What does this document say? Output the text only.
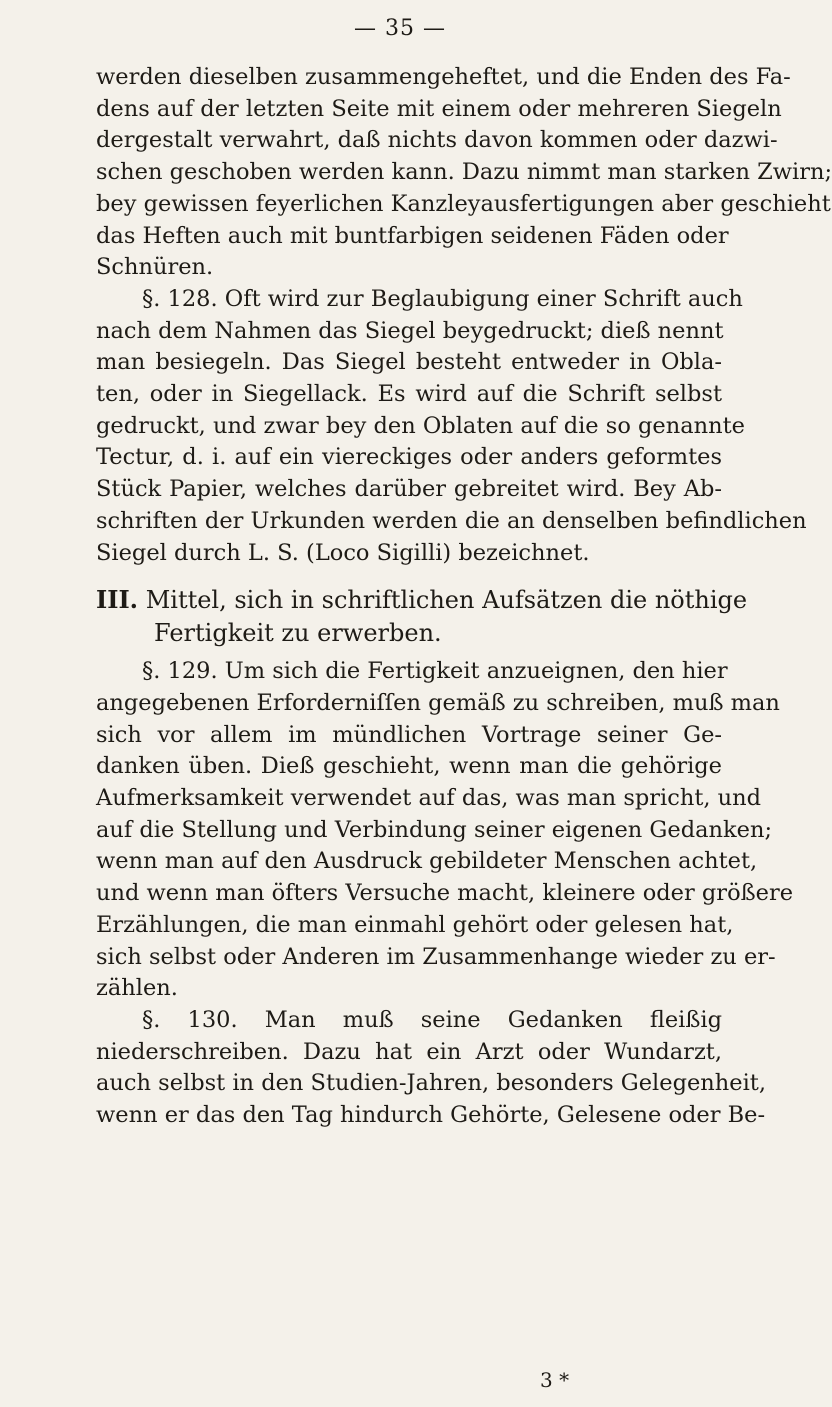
— 35 —
werden dieselben zusammengeheftet, und die Enden des Fa-
dens auf der letzten Seite mit einem oder mehreren Siegeln
dergestalt verwahrt, daß nichts davon kommen oder dazwi-
schen geschoben werden kann. Dazu nimmt man starken Zwirn;
bey gewissen feyerlichen Kanzleyausfertigungen aber geschieht
das Heften auch mit buntfarbigen seidenen Fäden oder
Schnüren.
§. 128. Oft wird zur Beglaubigung einer Schrift auch
nach dem Nahmen das Siegel beygedruckt; dieß nennt
man besiegeln. Das Siegel besteht entweder in Obla-
ten, oder in Siegellack. Es wird auf die Schrift selbst
gedruckt, und zwar bey den Oblaten auf die so genannte
Tectur, d. i. auf ein viereckiges oder anders geformtes
Stück Papier, welches darüber gebreitet wird. Bey Ab-
schriften der Urkunden werden die an denselben befindlichen
Siegel durch L. S. (Loco Sigilli) bezeichnet.
III. Mittel, sich in schriftlichen Aufsätzen die nöthige
Fertigkeit zu erwerben.
§. 129. Um sich die Fertigkeit anzueignen, den hier
angegebenen Erforderniſſen gemäß zu schreiben, muß man
sich vor allem im mündlichen Vortrage seiner Ge-
danken üben. Dieß geschieht, wenn man die gehörige
Aufmerksamkeit verwendet auf das, was man spricht, und
auf die Stellung und Verbindung seiner eigenen Gedanken;
wenn man auf den Ausdruck gebildeter Menschen achtet,
und wenn man öfters Versuche macht, kleinere oder größere
Erzählungen, die man einmahl gehört oder gelesen hat,
sich selbst oder Anderen im Zusammenhange wieder zu er-
zählen.
§. 130. Man muß seine Gedanken fleißig
niederschreiben. Dazu hat ein Arzt oder Wundarzt,
auch selbst in den Studien-Jahren, besonders Gelegenheit,
wenn er das den Tag hindurch Gehörte, Gelesene oder Be-
3 *
